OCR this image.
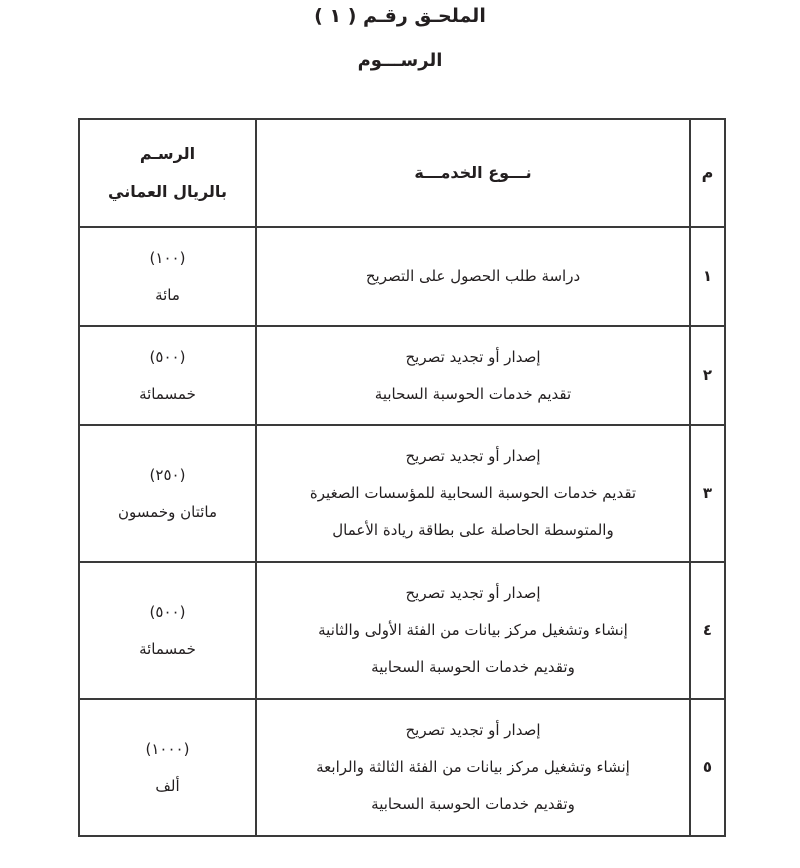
الملحـق رقـم ( ١ )
الرســـوم
م	نـــوع الخدمـــة	الرسـم
بالريال العماني

١	دراسة طلب الحصول على التصريح	(١٠٠)
مائة

٢	إصدار أو تجديد تصريح
تقديم خدمات الحوسبة السحابية	(٥٠٠)
خمسمائة

٣	إصدار أو تجديد تصريح
تقديم خدمات الحوسبة السحابية للمؤسسات الصغيرة
والمتوسطة الحاصلة على بطاقة ريادة الأعمال	(٢٥٠)
مائتان وخمسون

٤	إصدار أو تجديد تصريح
إنشاء وتشغيل مركز بيانات من الفئة الأولى والثانية
وتقديم خدمات الحوسبة السحابية	(٥٠٠)
خمسمائة

٥	إصدار أو تجديد تصريح
إنشاء وتشغيل مركز بيانات من الفئة الثالثة والرابعة
وتقديم خدمات الحوسبة السحابية	(١٠٠٠)
ألف
